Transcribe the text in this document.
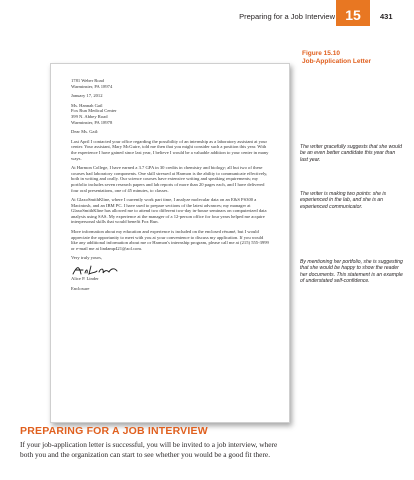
Preparing for a Job Interview 15	431
Figure 15.10
Job-Application Letter
1781 Weber Road
Warminster, PA 18974
January 17, 2012
Ms. Hannah Gail
Fox Run Medical Center
399 N. Abbey Road
Warminster, PA 18978
Dear Ms. Gail:

Last April I contacted your office regarding the possibility of an internship as a laboratory assistant at your center. Your assistant, Mary McGuire, told me then that you might consider such a position this year. With the experience I have gained since last year, I believe I would be a valuable addition to your center in many ways.

At Harmon College, I have earned a 3.7 GPA in 30 credits in chemistry and biology; all but two of these courses had laboratory components. One skill stressed at Harmon is the ability to communicate effectively, both in writing and orally. Our science courses have extensive writing and speaking requirements; my portfolio includes seven research papers and lab reports of more than 20 pages each, and I have delivered four oral presentations, one of 45 minutes, to classes.

At GlaxoSmithKline, where I currently work part time, I analyze molecular data on an E&S PS300 a Macintosh, and an IBM PC. I have used to prepare sections of the latest advances; my manager at GlaxoSmithKline has allowed me to attend two different two-day in-house seminars on computerized data analysis using SAS. My experience at the manager of a 12-person office for four years helped me acquire interpersonal skills that would benefit Fox Run.

More information about my education and experience is included on the enclosed résumé, but I would appreciate the opportunity to meet with you at your convenience to discuss my application. If you would like any additional information about me or Harmon's internship program, please call me at (215) 555-3999 or e-mail me at lindamp421@aol.com.

Very truly yours,

Alice P. Linder

Enclosure

The writer gracefully suggests that she would be an even better candidate this year than last year.
The writer is making two points: she is experienced in the lab, and she is an experienced communicator.
By mentioning her portfolio, she is suggesting that she would be happy to show the reader her documents. This statement is an example of understated self-confidence.
PREPARING FOR A JOB INTERVIEW
If your job-application letter is successful, you will be invited to a job interview, where both you and the organization can start to see whether you would be a good fit there.
